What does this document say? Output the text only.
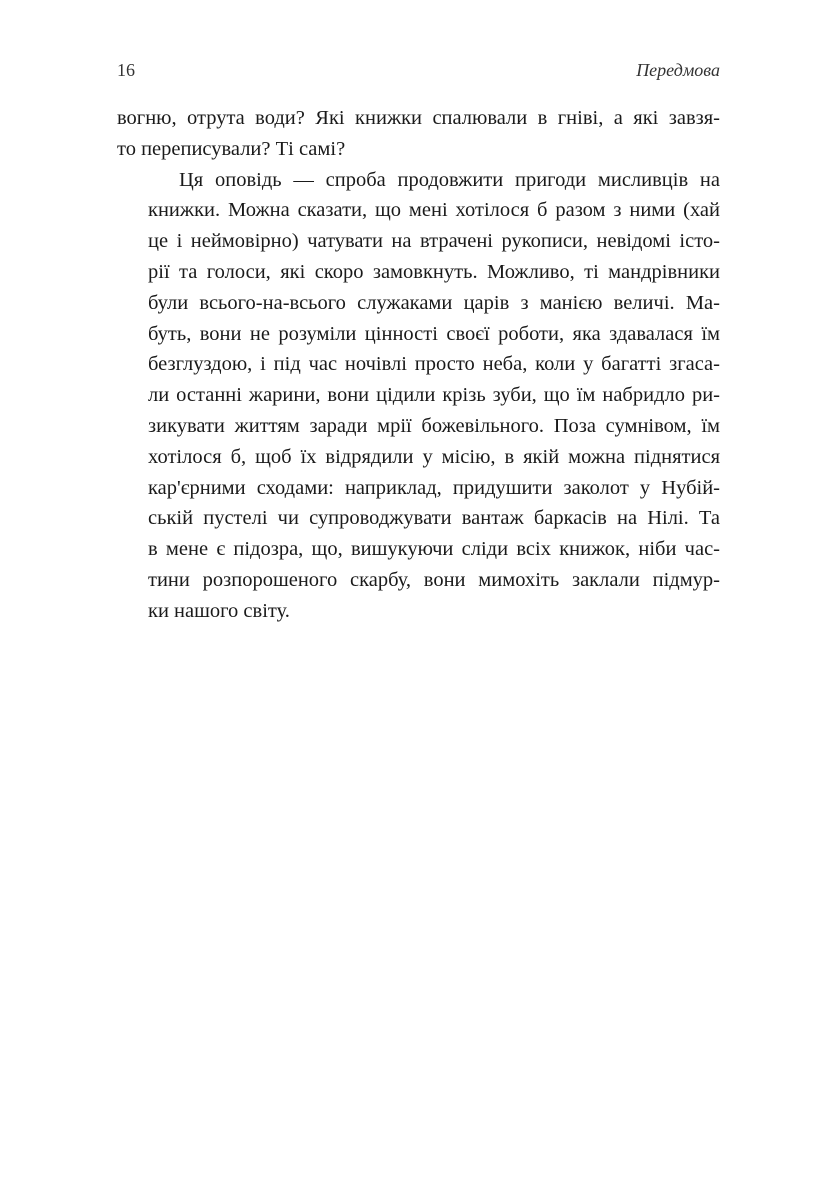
16	Передмова

вогню, отрута води? Які книжки спалювали в гніві, а які завзя-
то переписували? Ті самі?

Ця оповідь — спроба продовжити пригоди мисливців на
книжки. Можна сказати, що мені хотілося б разом з ними (хай
це і неймовірно) чатувати на втрачені рукописи, невідомі істо-
рії та голоси, які скоро замовкнуть. Можливо, ті мандрівники
були всього-на-всього служаками царів з манією величі. Ма-
буть, вони не розуміли цінності своєї роботи, яка здавалася їм
безглуздою, і під час ночівлі просто неба, коли у багатті згаса-
ли останні жарини, вони цідили крізь зуби, що їм набридло ри-
зикувати життям заради мрії божевільного. Поза сумнівом, їм
хотілося б, щоб їх відрядили у місію, в якій можна піднятися
кар'єрними сходами: наприклад, придушити заколот у Нубій-
ській пустелі чи супроводжувати вантаж баркасів на Нілі. Та
в мене є підозра, що, вишукуючи сліди всіх книжок, ніби час-
тини розпорошеного скарбу, вони мимохіть заклали підмур-
ки нашого світу.
